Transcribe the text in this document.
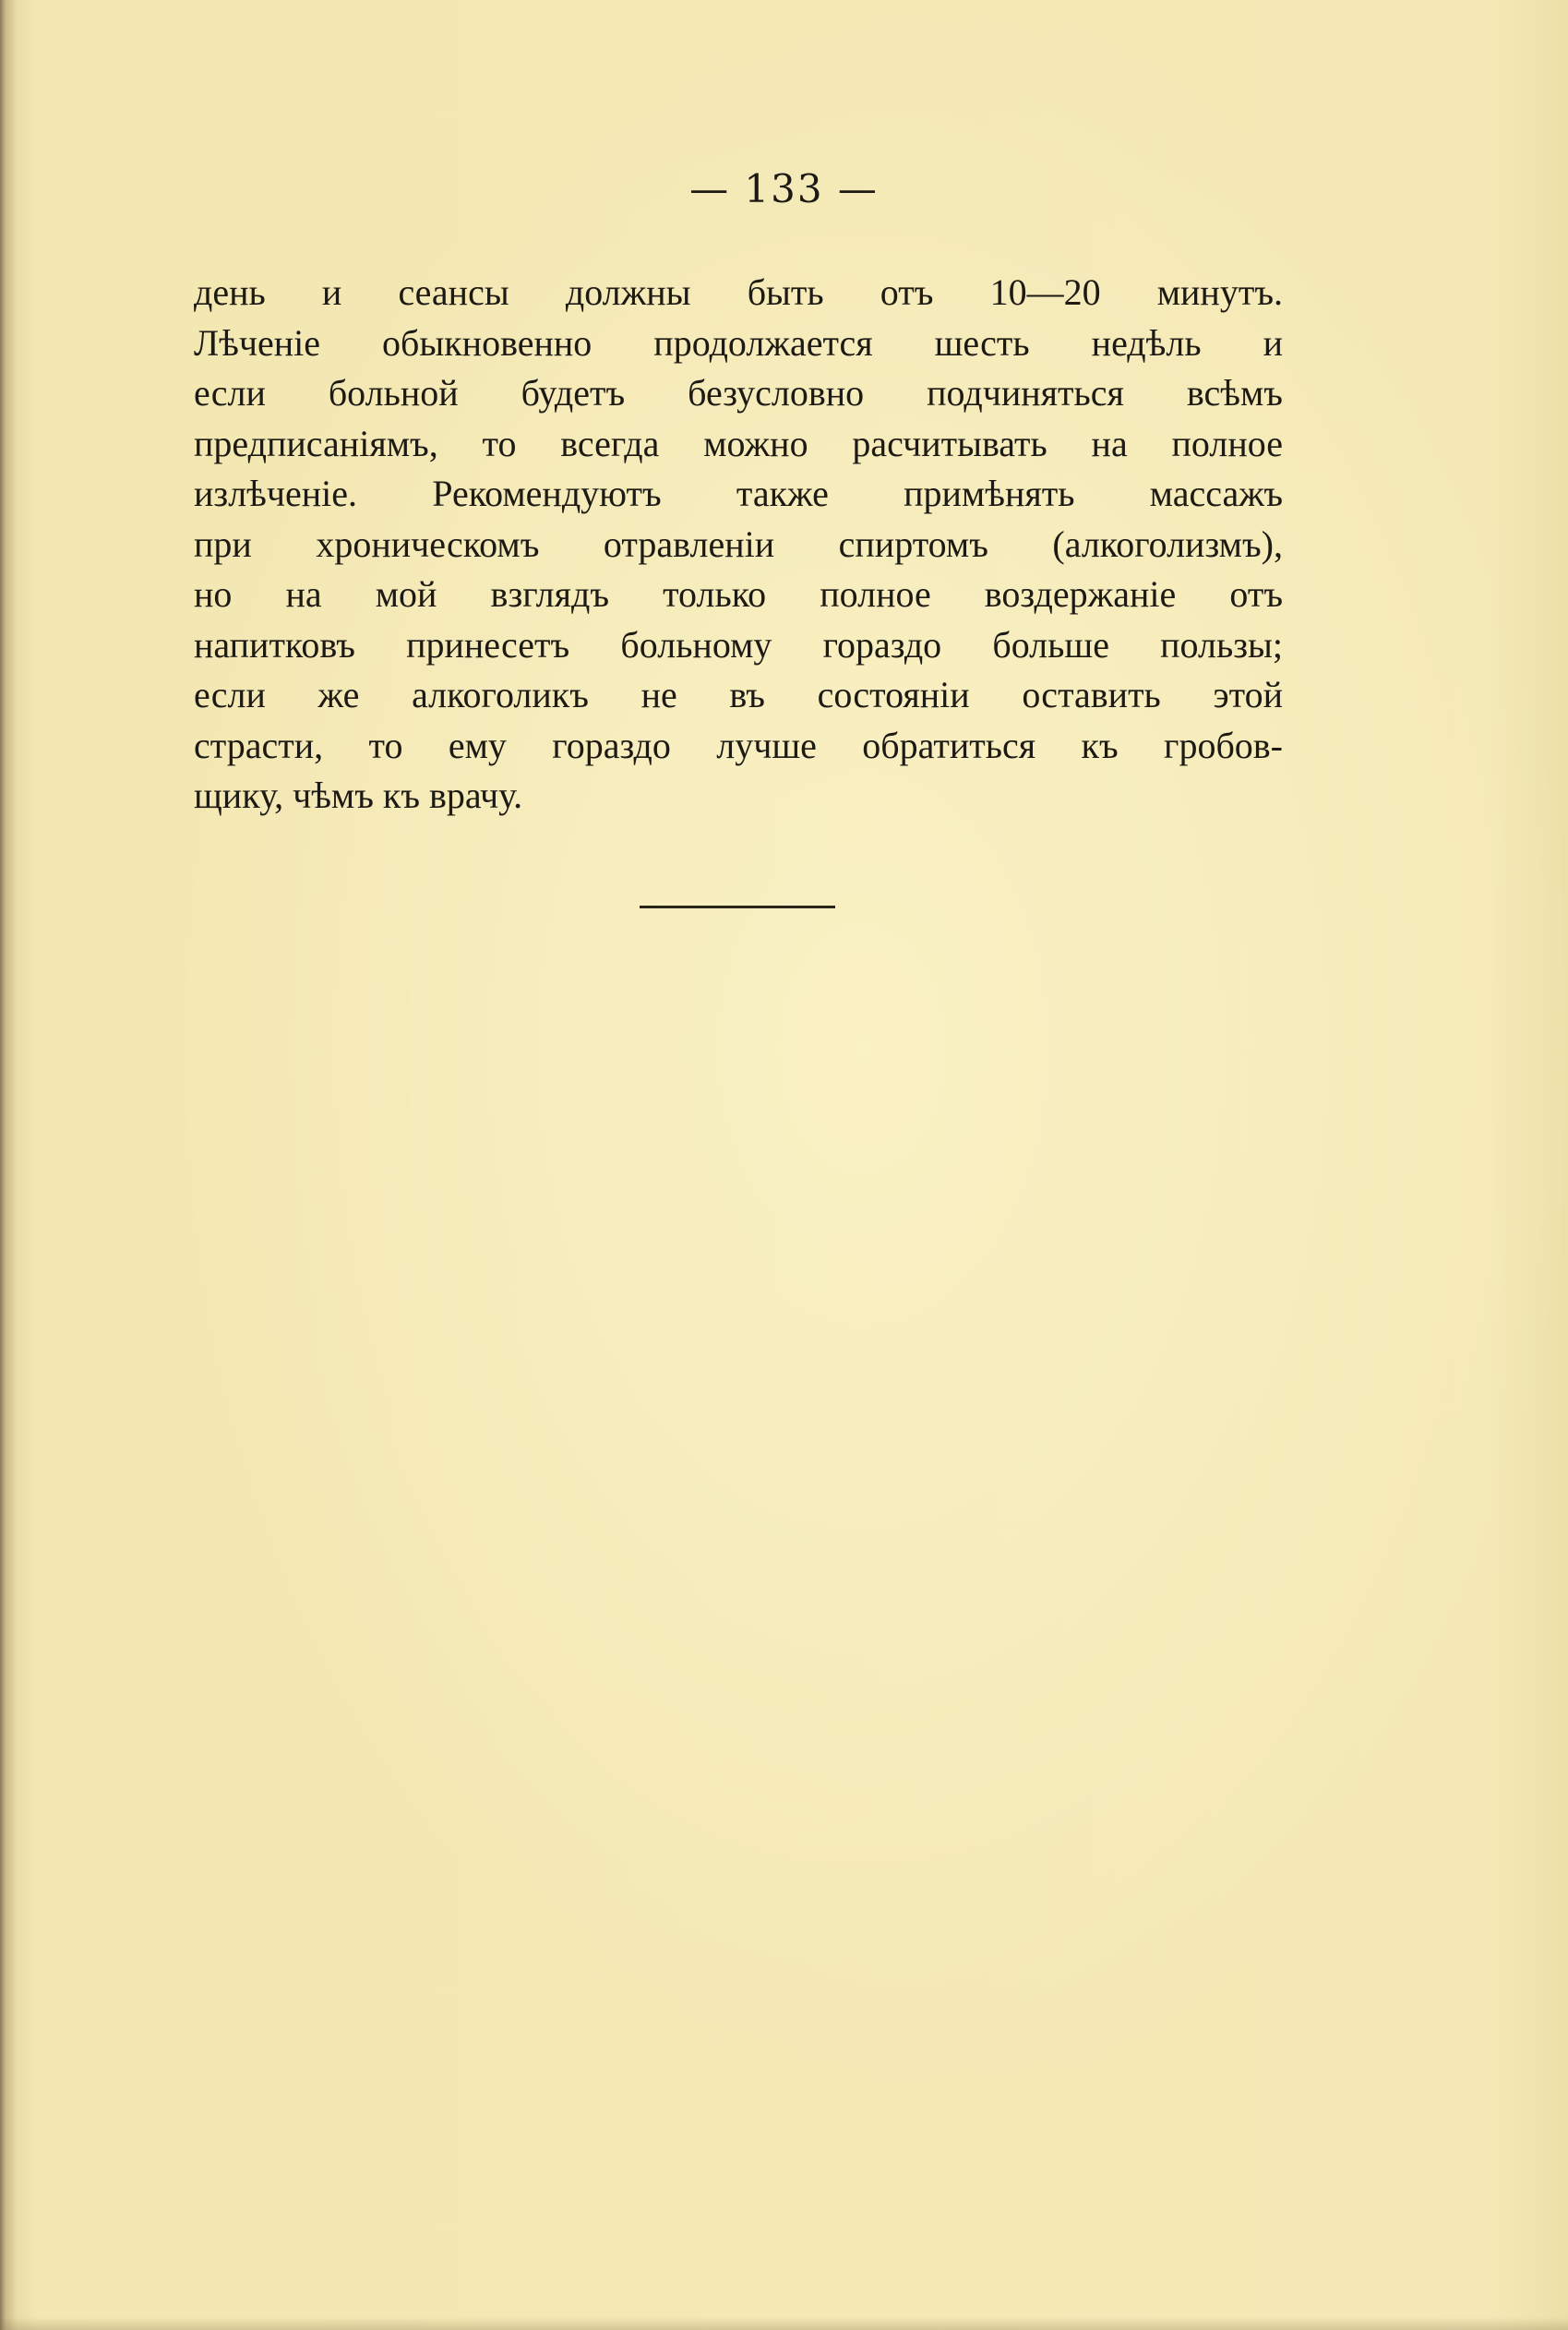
— 133 —
день и сеансы должны быть отъ 10—20 минутъ.
Лѣченіе обыкновенно продолжается шесть недѣль и
если больной будетъ безусловно подчиняться всѣмъ
предписаніямъ, то всегда можно расчитывать на полное
излѣченіе. Рекомендуютъ также примѣнять массажъ
при хроническомъ отравленіи спиртомъ (алкоголизмъ),
но на мой взглядъ только полное воздержаніе отъ
напитковъ принесетъ больному гораздо больше пользы;
если же алкоголикъ не въ состояніи оставить этой
страсти, то ему гораздо лучше обратиться къ гробов-
щику, чѣмъ къ врачу.
